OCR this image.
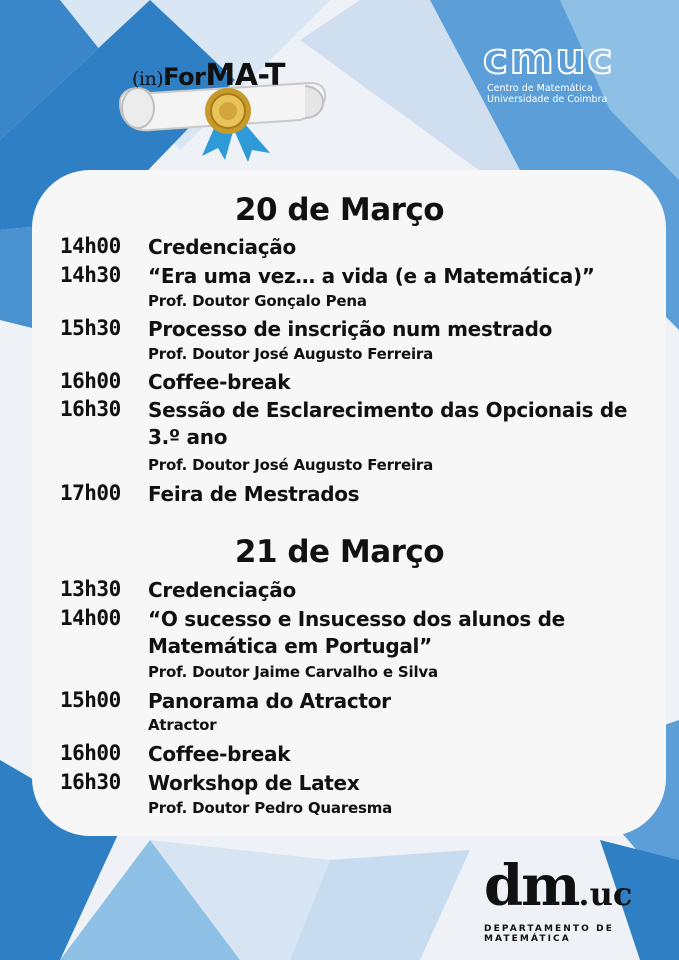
(in)ForMA-T	cmuc
Centro de Matemática
Universidade de Coimbra
20 de Março
14h00	Credenciação
14h30	“Era uma vez… a vida (e a Matemática)”
Prof. Doutor Gonçalo Pena
15h30	Processo de inscrição num mestrado
Prof. Doutor José Augusto Ferreira
16h00	Coffee-break
16h30	Sessão de Esclarecimento das Opcionais de 3.º ano
Prof. Doutor José Augusto Ferreira
17h00	Feira de Mestrados
21 de Março
13h30	Credenciação
14h00	“O sucesso e Insucesso dos alunos de Matemática em Portugal”
Prof. Doutor Jaime Carvalho e Silva
15h00	Panorama do Atractor
Atractor
16h00	Coffee-break
16h30	Workshop de Latex
Prof. Doutor Pedro Quaresma
dm.uc
DEPARTAMENTO DE MATEMÁTICA
